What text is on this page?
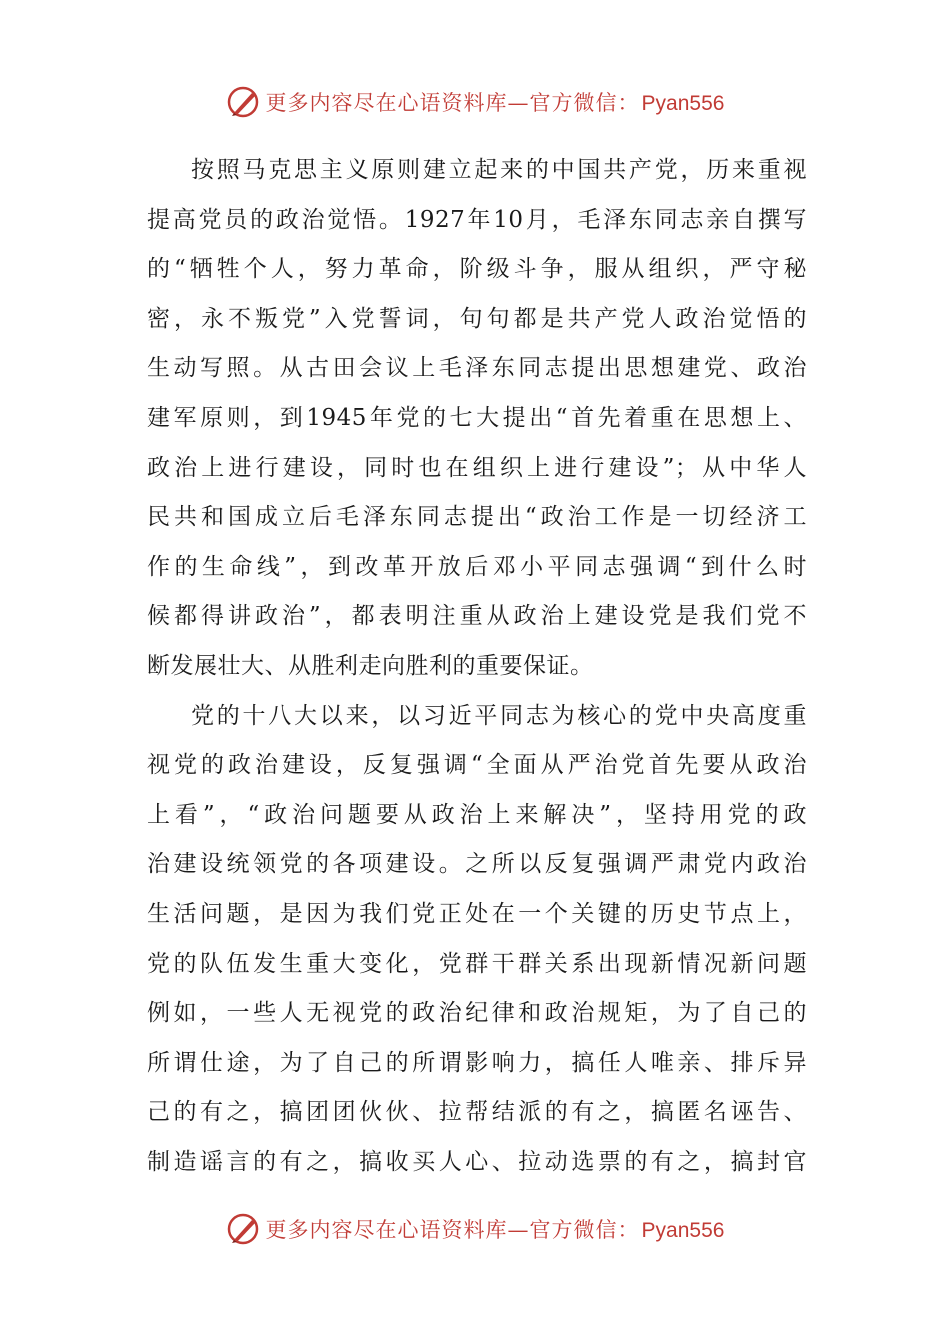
更多内容尽在心语资料库—官方微信：Pyan556
按照马克思主义原则建立起来的中国共产党，历来重视
提高党员的政治觉悟。1927年10月，毛泽东同志亲自撰写
的“牺牲个人，努力革命，阶级斗争，服从组织，严守秘
密，永不叛党”入党誓词，句句都是共产党人政治觉悟的
生动写照。从古田会议上毛泽东同志提出思想建党、政治
建军原则，到1945年党的七大提出“首先着重在思想上、
政治上进行建设，同时也在组织上进行建设”；从中华人
民共和国成立后毛泽东同志提出“政治工作是一切经济工
作的生命线”，到改革开放后邓小平同志强调“到什么时
候都得讲政治”，都表明注重从政治上建设党是我们党不
断发展壮大、从胜利走向胜利的重要保证。
党的十八大以来，以习近平同志为核心的党中央高度重
视党的政治建设，反复强调“全面从严治党首先要从政治
上看”，“政治问题要从政治上来解决”，坚持用党的政
治建设统领党的各项建设。之所以反复强调严肃党内政治
生活问题，是因为我们党正处在一个关键的历史节点上，
党的队伍发生重大变化，党群干群关系出现新情况新问题
例如，一些人无视党的政治纪律和政治规矩，为了自己的
所谓仕途，为了自己的所谓影响力，搞任人唯亲、排斥异
己的有之，搞团团伙伙、拉帮结派的有之，搞匿名诬告、
制造谣言的有之，搞收买人心、拉动选票的有之，搞封官
更多内容尽在心语资料库—官方微信：Pyan556
